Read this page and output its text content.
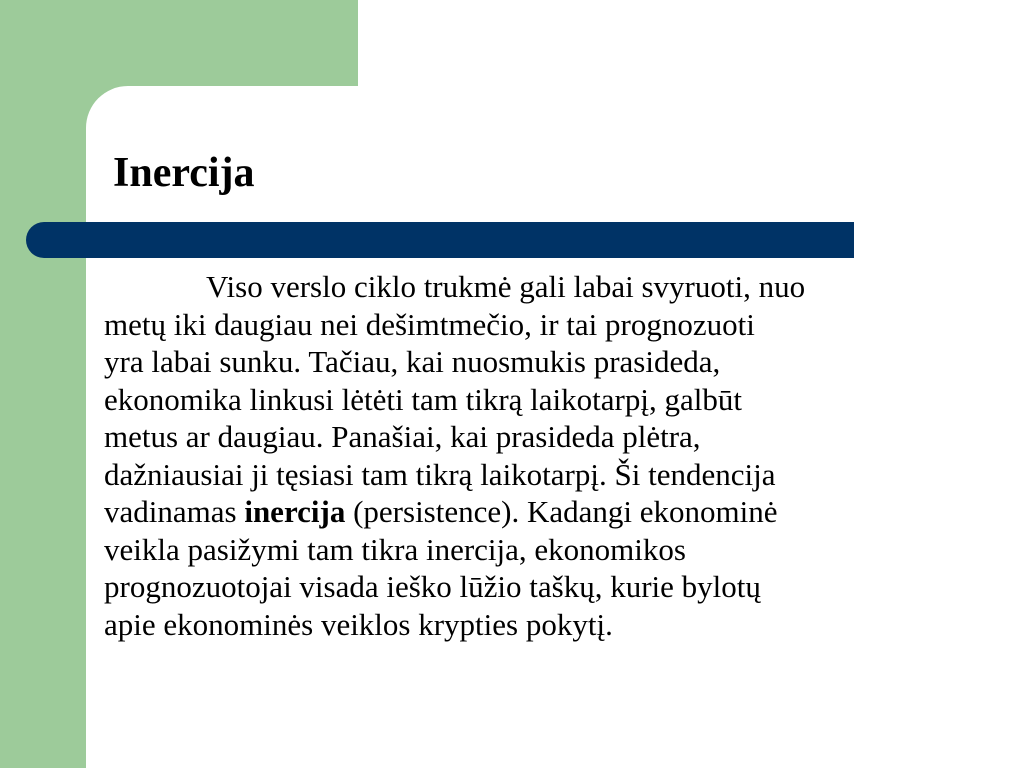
Inercija
Viso verslo ciklo trukmė gali labai svyruoti, nuo
metų iki daugiau nei dešimtmečio, ir tai prognozuoti
yra labai sunku. Tačiau, kai nuosmukis prasideda,
ekonomika linkusi lėtėti tam tikrą laikotarpį, galbūt
metus ar daugiau. Panašiai, kai prasideda plėtra,
dažniausiai ji tęsiasi tam tikrą laikotarpį. Ši tendencija
vadinamas inercija (persistence). Kadangi ekonominė
veikla pasižymi tam tikra inercija, ekonomikos
prognozuotojai visada ieško lūžio taškų, kurie bylotų
apie ekonominės veiklos krypties pokytį.
